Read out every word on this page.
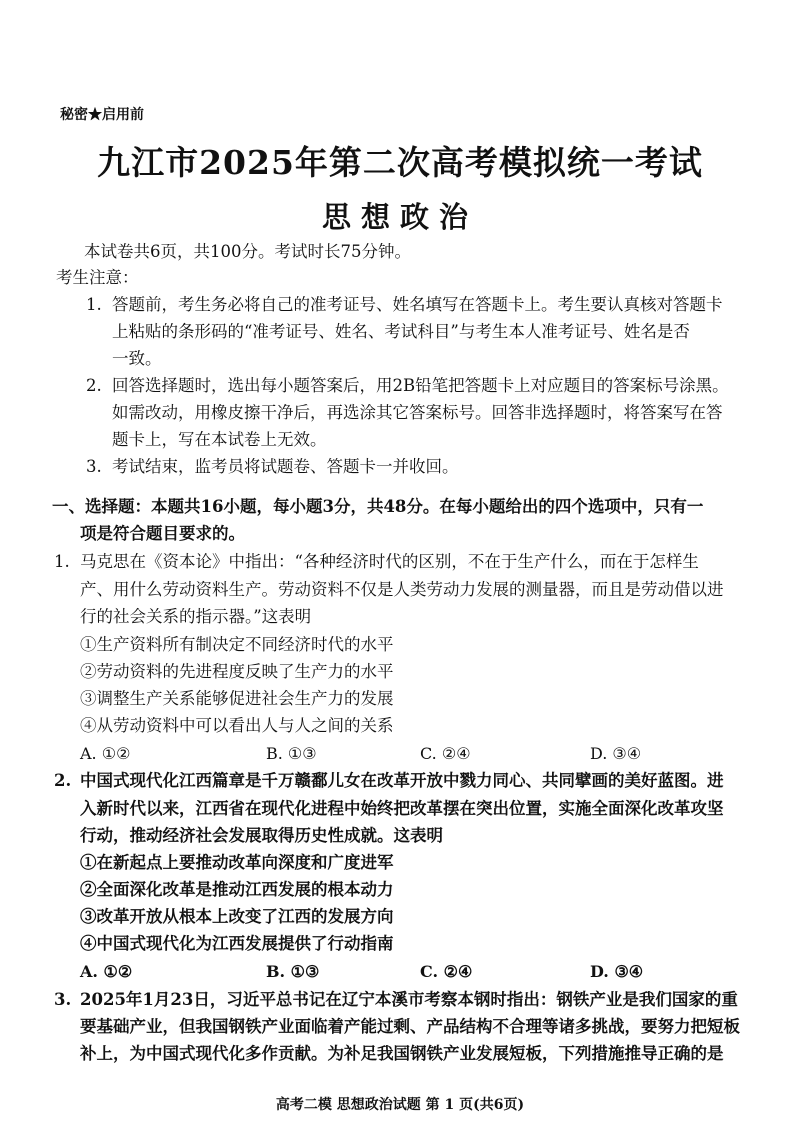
秘密★启用前
九江市2025年第二次高考模拟统一考试
思想政治
本试卷共6页，共100分。考试时长75分钟。
考生注意：
1. 答题前，考生务必将自己的准考证号、姓名填写在答题卡上。考生要认真核对答题卡
上粘贴的条形码的“准考证号、姓名、考试科目”与考生本人准考证号、姓名是否
一致。
2. 回答选择题时，选出每小题答案后，用2B铅笔把答题卡上对应题目的答案标号涂黑。
如需改动，用橡皮擦干净后，再选涂其它答案标号。回答非选择题时，将答案写在答
题卡上，写在本试卷上无效。
3. 考试结束，监考员将试题卷、答题卡一并收回。
一、选择题：本题共16小题，每小题3分，共48分。在每小题给出的四个选项中，只有一
项是符合题目要求的。
1. 马克思在《资本论》中指出：“各种经济时代的区别，不在于生产什么，而在于怎样生
产、用什么劳动资料生产。劳动资料不仅是人类劳动力发展的测量器，而且是劳动借以进
行的社会关系的指示器。”这表明
①生产资料所有制决定不同经济时代的水平
②劳动资料的先进程度反映了生产力的水平
③调整生产关系能够促进社会生产力的发展
④从劳动资料中可以看出人与人之间的关系
A. ①②	B. ①③	C. ②④	D. ③④
2. 中国式现代化江西篇章是千万赣鄱儿女在改革开放中戮力同心、共同擘画的美好蓝图。进
入新时代以来，江西省在现代化进程中始终把改革摆在突出位置，实施全面深化改革攻坚
行动，推动经济社会发展取得历史性成就。这表明
①在新起点上要推动改革向深度和广度进军
②全面深化改革是推动江西发展的根本动力
③改革开放从根本上改变了江西的发展方向
④中国式现代化为江西发展提供了行动指南
A. ①②	B. ①③	C. ②④	D. ③④
3. 2025年1月23日，习近平总书记在辽宁本溪市考察本钢时指出：钢铁产业是我们国家的重
要基础产业，但我国钢铁产业面临着产能过剩、产品结构不合理等诸多挑战，要努力把短板
补上，为中国式现代化多作贡献。为补足我国钢铁产业发展短板，下列措施推导正确的是
高考二模 思想政治试题 第 1 页(共6页)
